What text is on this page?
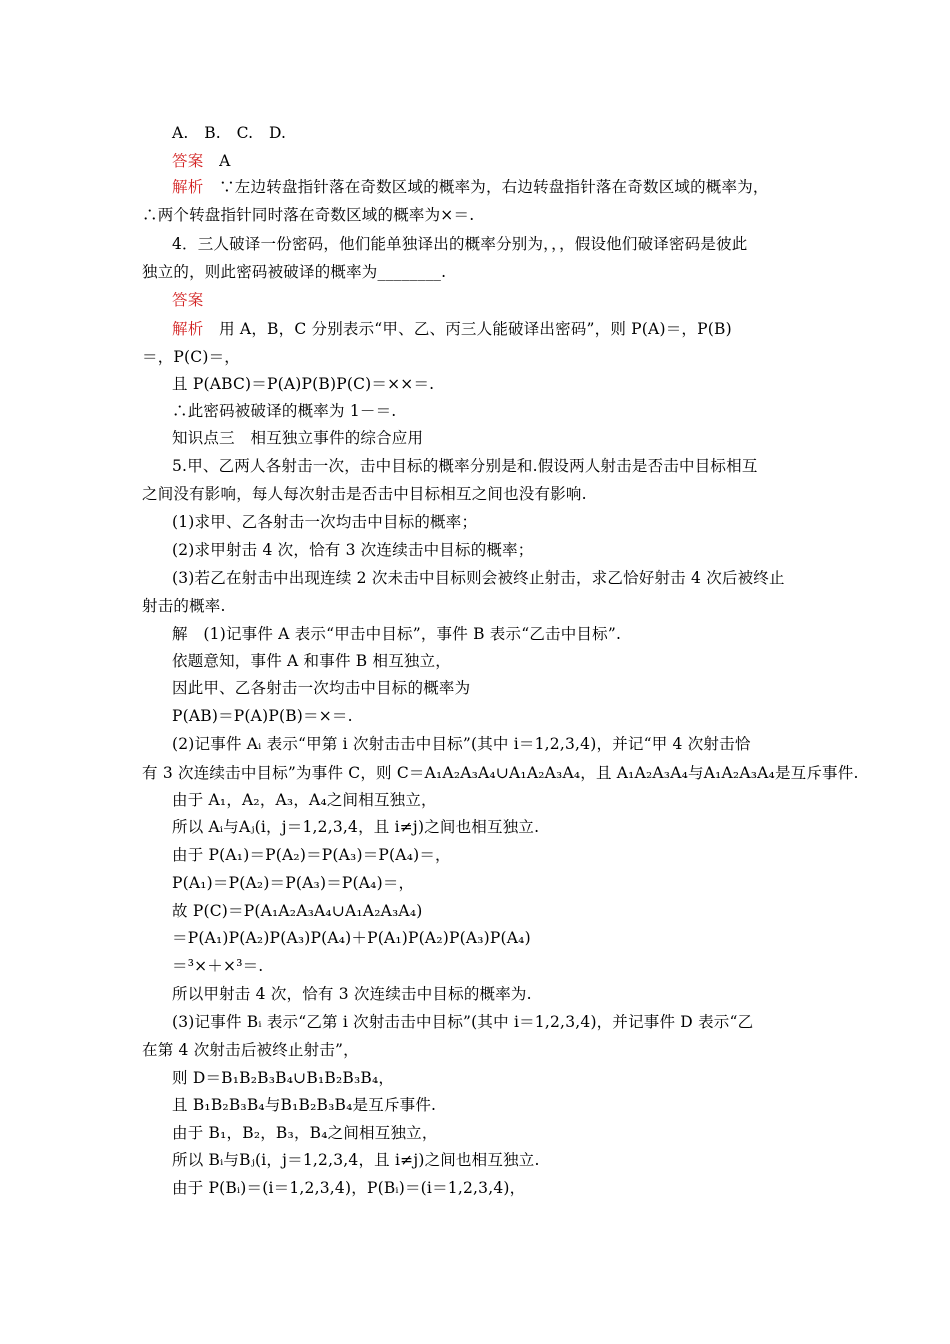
A.　B.　C.　D.
答案　A
解析　∵左边转盘指针落在奇数区域的概率为，右边转盘指针落在奇数区域的概率为，
∴两个转盘指针同时落在奇数区域的概率为×＝.
4．三人破译一份密码，他们能单独译出的概率分别为，，，假设他们破译密码是彼此
独立的，则此密码被破译的概率为________.
答案
解析　用 A，B，C 分别表示“甲、乙、丙三人能破译出密码”，则 P(A)＝，P(B)
＝，P(C)＝，
且 P(ABC)＝P(A)P(B)P(C)＝××＝.
∴此密码被破译的概率为 1－＝.
知识点三　相互独立事件的综合应用
5.甲、乙两人各射击一次，击中目标的概率分别是和.假设两人射击是否击中目标相互
之间没有影响，每人每次射击是否击中目标相互之间也没有影响.
(1)求甲、乙各射击一次均击中目标的概率；
(2)求甲射击 4 次，恰有 3 次连续击中目标的概率；
(3)若乙在射击中出现连续 2 次未击中目标则会被终止射击，求乙恰好射击 4 次后被终止
射击的概率.
解　(1)记事件 A 表示“甲击中目标”，事件 B 表示“乙击中目标”.
依题意知，事件 A 和事件 B 相互独立，
因此甲、乙各射击一次均击中目标的概率为
P(AB)＝P(A)P(B)＝×＝.
(2)记事件 Aᵢ 表示“甲第 i 次射击击中目标”(其中 i＝1,2,3,4)，并记“甲 4 次射击恰
有 3 次连续击中目标”为事件 C，则 C＝A₁A₂A₃A₄∪A₁A₂A₃A₄，且 A₁A₂A₃A₄与A₁A₂A₃A₄是互斥事件.
由于 A₁，A₂，A₃，A₄之间相互独立，
所以 Aᵢ与Aⱼ(i，j＝1,2,3,4，且 i≠j)之间也相互独立.
由于 P(A₁)＝P(A₂)＝P(A₃)＝P(A₄)＝，
P(A₁)＝P(A₂)＝P(A₃)＝P(A₄)＝，
故 P(C)＝P(A₁A₂A₃A₄∪A₁A₂A₃A₄)
＝P(A₁)P(A₂)P(A₃)P(A₄)＋P(A₁)P(A₂)P(A₃)P(A₄)
＝³×＋×³＝.
所以甲射击 4 次，恰有 3 次连续击中目标的概率为.
(3)记事件 Bᵢ 表示“乙第 i 次射击击中目标”(其中 i＝1,2,3,4)，并记事件 D 表示“乙
在第 4 次射击后被终止射击”，
则 D＝B₁B₂B₃B₄∪B₁B₂B₃B₄，
且 B₁B₂B₃B₄与B₁B₂B₃B₄是互斥事件.
由于 B₁，B₂，B₃，B₄之间相互独立，
所以 Bᵢ与Bⱼ(i，j＝1,2,3,4，且 i≠j)之间也相互独立.
由于 P(Bᵢ)＝(i＝1,2,3,4)，P(Bᵢ)＝(i＝1,2,3,4)，
